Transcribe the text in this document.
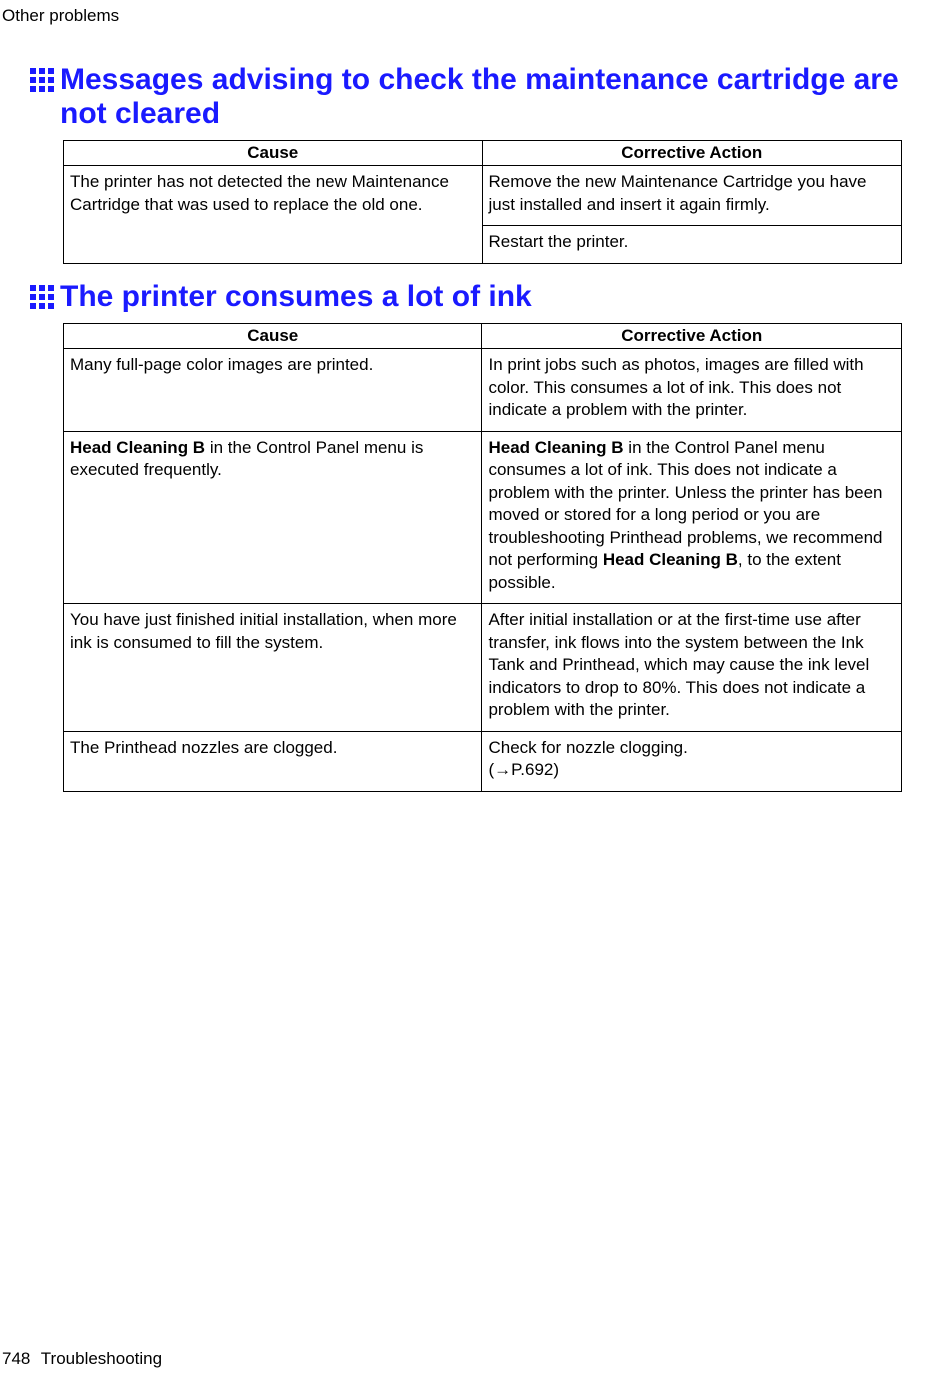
Other problems
Messages advising to check the maintenance cartridge are not cleared
Cause	Corrective Action
The printer has not detected the new Maintenance Cartridge that was used to replace the old one.	Remove the new Maintenance Cartridge you have just installed and insert it again firmly.
	Restart the printer.
The printer consumes a lot of ink
Cause	Corrective Action
Many full-page color images are printed.	In print jobs such as photos, images are filled with color. This consumes a lot of ink. This does not indicate a problem with the printer.
Head Cleaning B in the Control Panel menu is executed frequently.	Head Cleaning B in the Control Panel menu consumes a lot of ink. This does not indicate a problem with the printer. Unless the printer has been moved or stored for a long period or you are troubleshooting Printhead problems, we recommend not performing Head Cleaning B, to the extent possible.
You have just finished initial installation, when more ink is consumed to fill the system.	After initial installation or at the first-time use after transfer, ink flows into the system between the Ink Tank and Printhead, which may cause the ink level indicators to drop to 80%. This does not indicate a problem with the printer.
The Printhead nozzles are clogged.	Check for nozzle clogging.
(→P.692)
748 Troubleshooting
